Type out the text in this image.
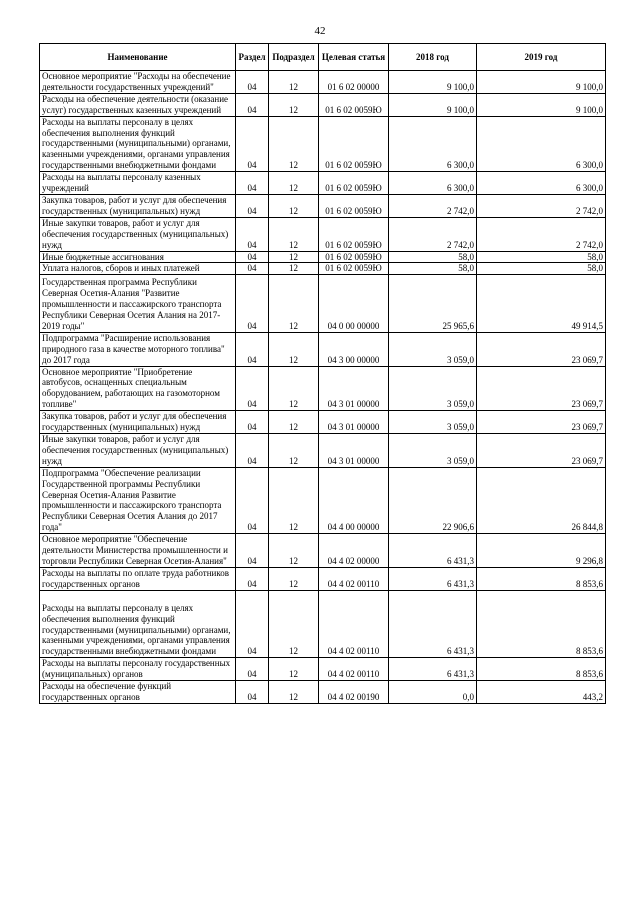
42
Наименование	Раздел	Подраздел	Целевая статья	2018 год	2019 год
Основное мероприятие "Расходы на обеспечение деятельности государственных учреждений"	04	12	01 6 02 00000	9 100,0	9 100,0
Расходы на обеспечение деятельности (оказание услуг) государственных казенных учреждений	04	12	01 6 02 0059Ю	9 100,0	9 100,0
Расходы на выплаты персоналу в целях обеспечения выполнения функций государственными (муниципальными) органами, казенными учреждениями, органами управления государственными внебюджетными фондами	04	12	01 6 02 0059Ю	6 300,0	6 300,0
Расходы на выплаты персоналу казенных учреждений	04	12	01 6 02 0059Ю	6 300,0	6 300,0
Закупка товаров, работ и услуг для обеспечения государственных (муниципальных) нужд	04	12	01 6 02 0059Ю	2 742,0	2 742,0
Иные закупки товаров, работ и услуг для обеспечения государственных (муниципальных) нужд	04	12	01 6 02 0059Ю	2 742,0	2 742,0
Иные бюджетные ассигнования	04	12	01 6 02 0059Ю	58,0	58,0
Уплата налогов, сборов и иных платежей	04	12	01 6 02 0059Ю	58,0	58,0
Государственная программа Республики Северная Осетия-Алания "Развитие промышленности и пассажирского транспорта Республики Северная Осетия Алания на 2017-2019 годы"	04	12	04 0 00 00000	25 965,6	49 914,5
Подпрограмма "Расширение использования природного газа в качестве моторного топлива" до 2017 года	04	12	04 3 00 00000	3 059,0	23 069,7
Основное мероприятие "Приобретение автобусов, оснащенных специальным оборудованием, работающих на газомоторном топливе"	04	12	04 3 01 00000	3 059,0	23 069,7
Закупка товаров, работ и услуг для обеспечения государственных (муниципальных) нужд	04	12	04 3 01 00000	3 059,0	23 069,7
Иные закупки товаров, работ и услуг для обеспечения государственных (муниципальных) нужд	04	12	04 3 01 00000	3 059,0	23 069,7
Подпрограмма "Обеспечение реализации Государственной программы Республики Северная Осетия-Алания Развитие промышленности и пассажирского транспорта Республики Северная Осетия Алания до 2017 года"	04	12	04 4 00 00000	22 906,6	26 844,8
Основное мероприятие "Обеспечение деятельности Министерства промышленности и торговли Республики Северная Осетия-Алания"	04	12	04 4 02 00000	6 431,3	9 296,8
Расходы на выплаты по оплате труда работников государственных органов	04	12	04 4 02 00110	6 431,3	8 853,6
Расходы на выплаты персоналу в целях обеспечения выполнения функций государственными (муниципальными) органами, казенными учреждениями, органами управления государственными внебюджетными фондами	04	12	04 4 02 00110	6 431,3	8 853,6
Расходы на выплаты персоналу государственных (муниципальных) органов	04	12	04 4 02 00110	6 431,3	8 853,6
Расходы на обеспечение функций государственных органов	04	12	04 4 02 00190	0,0	443,2
